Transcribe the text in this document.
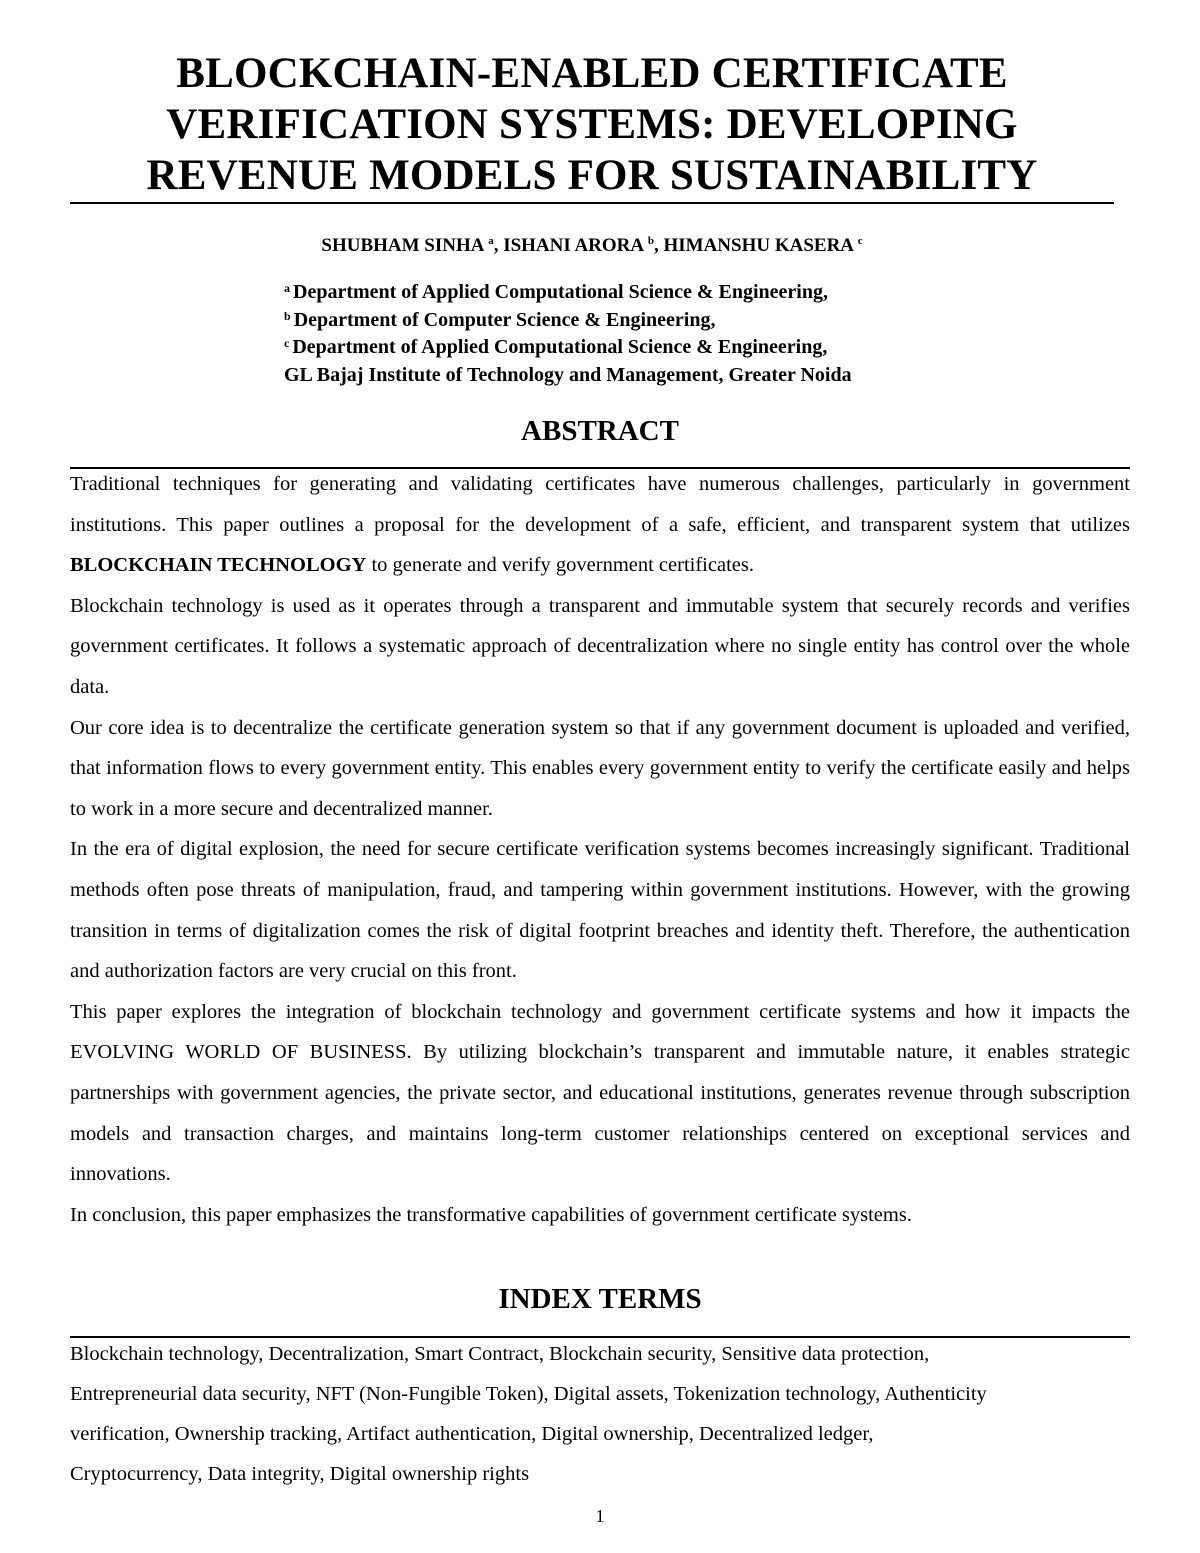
BLOCKCHAIN-ENABLED CERTIFICATE
VERIFICATION SYSTEMS: DEVELOPING
REVENUE MODELS FOR SUSTAINABILITY
SHUBHAM SINHA $^a$, ISHANI ARORA $^b$, HIMANSHU KASERA $^c$
$^a$ Department of Applied Computational Science & Engineering,
$^b$ Department of Computer Science & Engineering,
$^c$ Department of Applied Computational Science & Engineering,
GL Bajaj Institute of Technology and Management, Greater Noida
ABSTRACT

Traditional techniques for generating and validating certificates have numerous challenges, particularly in government institutions. This paper outlines a proposal for the development of a safe, efficient, and transparent system that utilizes BLOCKCHAIN TECHNOLOGY to generate and verify government certificates.

Blockchain technology is used as it operates through a transparent and immutable system that securely records and verifies government certificates. It follows a systematic approach of decentralization where no single entity has control over the whole data.

Our core idea is to decentralize the certificate generation system so that if any government document is uploaded and verified, that information flows to every government entity. This enables every government entity to verify the certificate easily and helps to work in a more secure and decentralized manner.

In the era of digital explosion, the need for secure certificate verification systems becomes increasingly significant. Traditional methods often pose threats of manipulation, fraud, and tampering within government institutions. However, with the growing transition in terms of digitalization comes the risk of digital footprint breaches and identity theft. Therefore, the authentication and authorization factors are very crucial on this front.

This paper explores the integration of blockchain technology and government certificate systems and how it impacts the EVOLVING WORLD OF BUSINESS. By utilizing blockchain’s transparent and immutable nature, it enables strategic partnerships with government agencies, the private sector, and educational institutions, generates revenue through subscription models and transaction charges, and maintains long-term customer relationships centered on exceptional services and innovations.

In conclusion, this paper emphasizes the transformative capabilities of government certificate systems.

INDEX TERMS
Blockchain technology, Decentralization, Smart Contract, Blockchain security, Sensitive data protection,
Entrepreneurial data security, NFT (Non-Fungible Token), Digital assets, Tokenization technology, Authenticity
verification, Ownership tracking, Artifact authentication, Digital ownership, Decentralized ledger,
Cryptocurrency, Data integrity, Digital ownership rights
1
